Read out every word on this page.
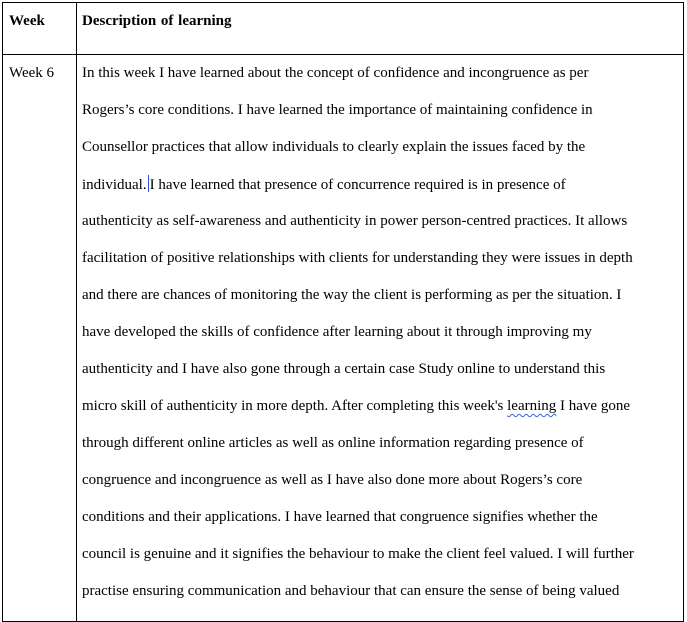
Week Description of learning
Week 6 In this week I have learned about the concept of confidence and incongruence as per
Rogers’s core conditions. I have learned the importance of maintaining confidence in
Counsellor practices that allow individuals to clearly explain the issues faced by the
individual. I have learned that presence of concurrence required is in presence of
authenticity as self-awareness and authenticity in power person-centred practices. It allows
facilitation of positive relationships with clients for understanding they were issues in depth
and there are chances of monitoring the way the client is performing as per the situation. I
have developed the skills of confidence after learning about it through improving my
authenticity and I have also gone through a certain case Study online to understand this
micro skill of authenticity in more depth. After completing this week's learning I have gone
through different online articles as well as online information regarding presence of
congruence and incongruence as well as I have also done more about Rogers’s core
conditions and their applications. I have learned that congruence signifies whether the
council is genuine and it signifies the behaviour to make the client feel valued. I will further
practise ensuring communication and behaviour that can ensure the sense of being valued
